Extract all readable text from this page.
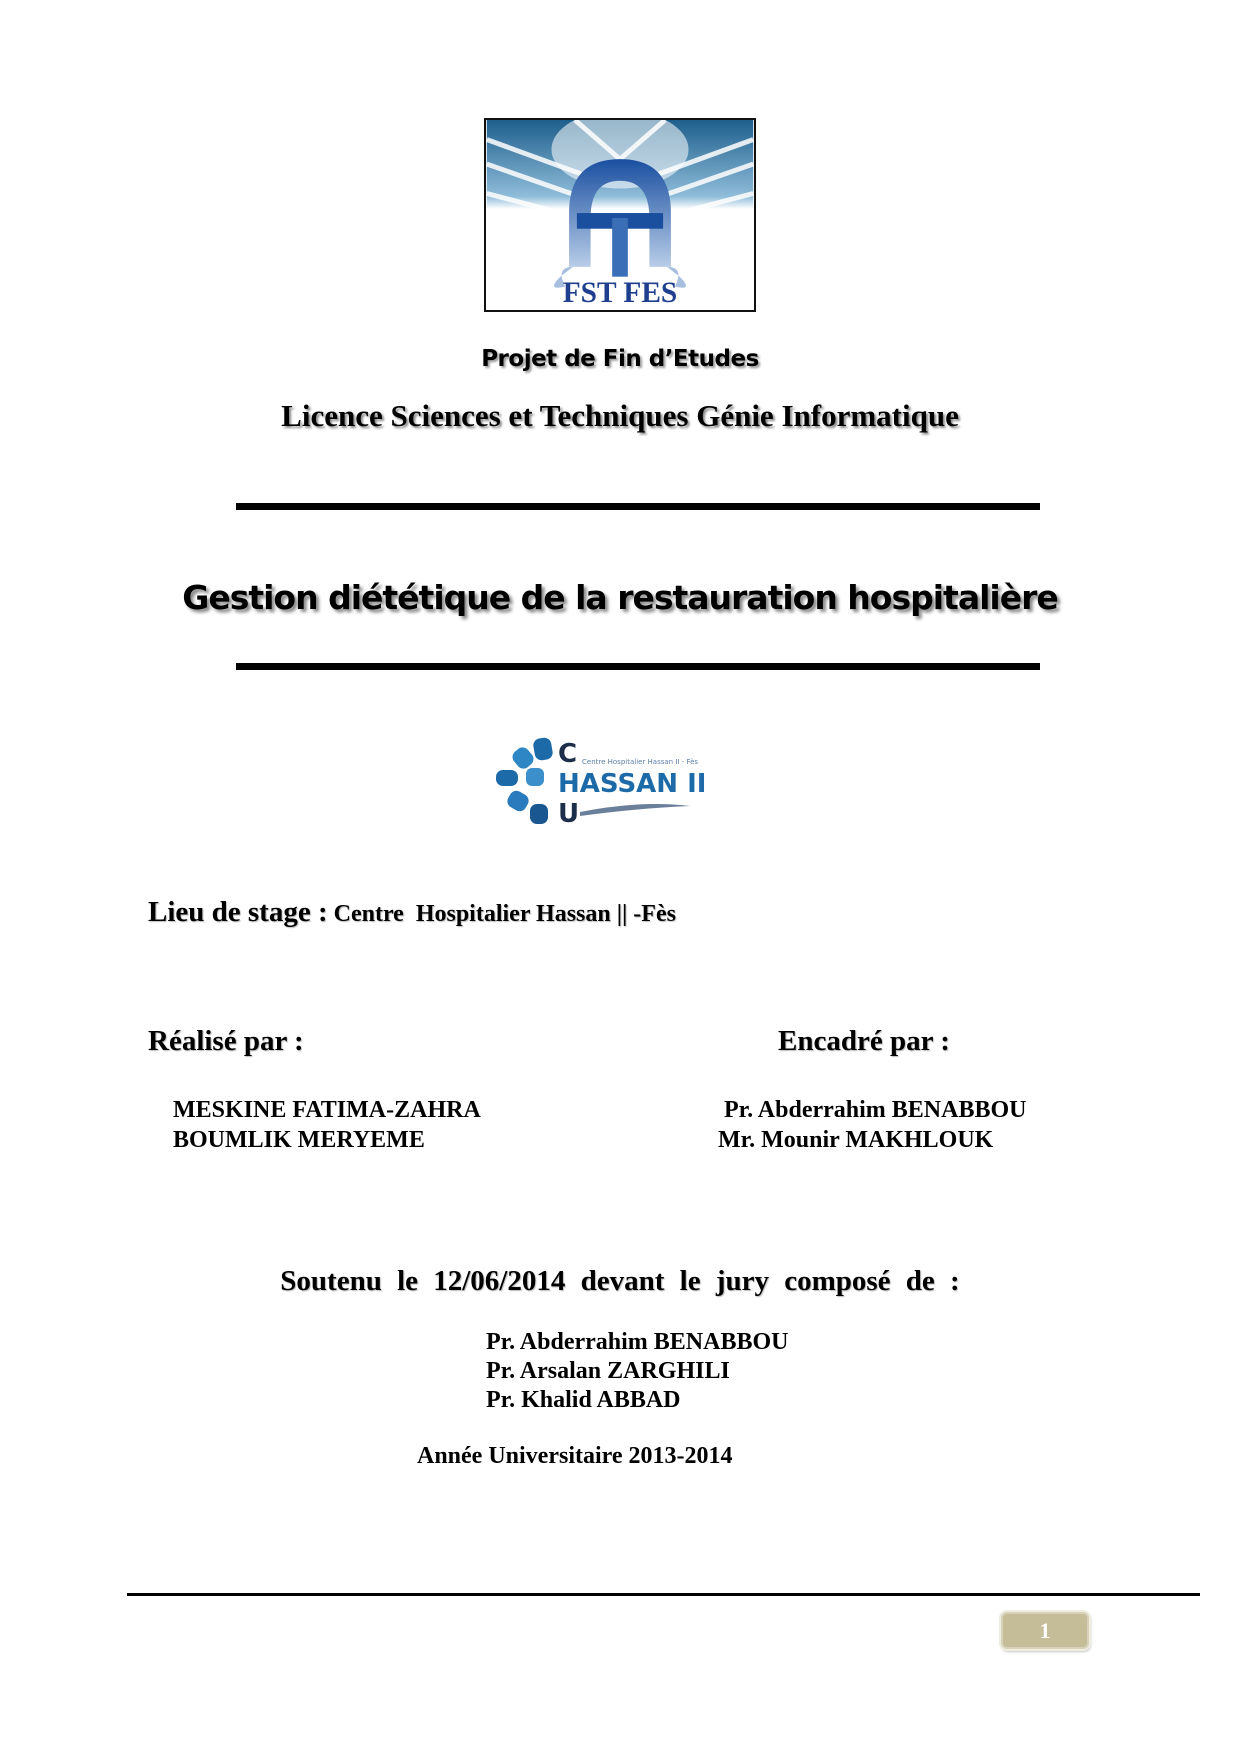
FST FES
Projet de Fin d’Etudes
Licence Sciences et Techniques Génie Informatique
Gestion diététique de la restauration hospitalière
C
HASSAN II
U
Centre Hospitalier Hassan II - Fès
Lieu de stage : Centre  Hospitalier Hassan || -Fès
Réalisé par :	Encadré par :
MESKINE FATIMA-ZAHRA
BOUMLIK MERYEME
Pr. Abderrahim BENABBOU
Mr. Mounir MAKHLOUK
Soutenu le 12/06/2014 devant le jury composé de :
Pr. Abderrahim BENABBOU
Pr. Arsalan ZARGHILI
Pr. Khalid ABBAD
Année Universitaire 2013-2014
1
